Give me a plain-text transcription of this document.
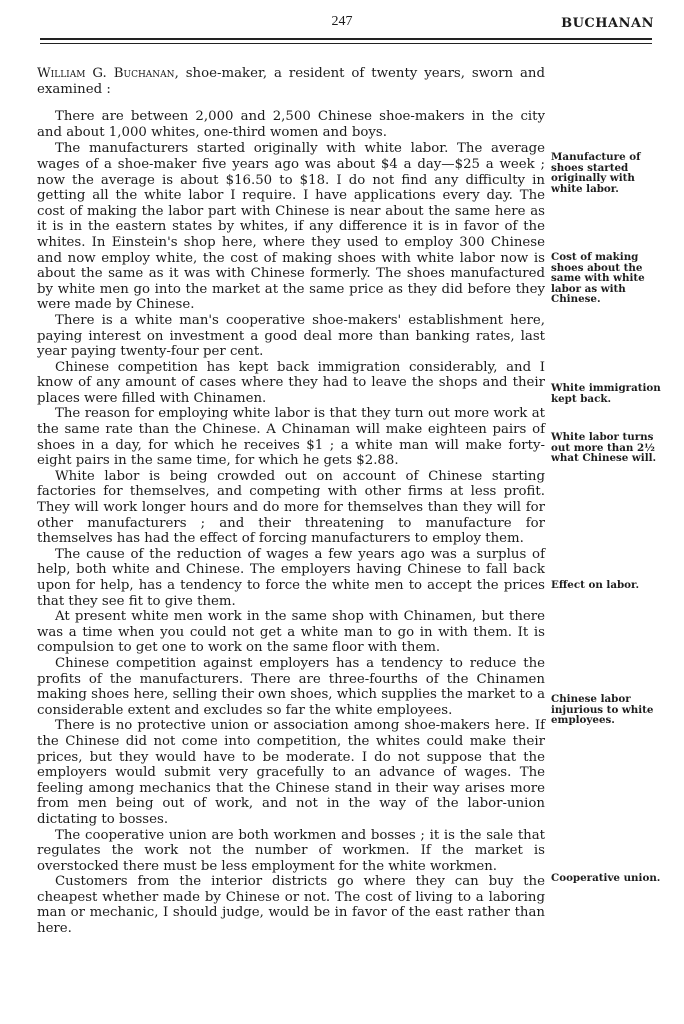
247	BUCHANAN

William G. Buchanan, shoe-maker, a resident of twenty years, sworn and examined :

There are between 2,000 and 2,500 Chinese shoe-makers in the city and about 1,000 whites, one-third women and boys.

The manufacturers started originally with white labor. The average wages of a shoe-maker five years ago was about $4 a day—$25 a week ; now the average is about $16.50 to $18. I do not find any difficulty in getting all the white labor I require. I have applications every day. The cost of making the labor part with Chinese is near about the same here as it is in the eastern states by whites, if any difference it is in favor of the whites. In Einstein's shop here, where they used to employ 300 Chinese and now employ white, the cost of making shoes with white labor now is about the same as it was with Chinese formerly. The shoes manufactured by white men go into the market at the same price as they did before they were made by Chinese.

There is a white man's cooperative shoe-makers' establishment here, paying interest on investment a good deal more than banking rates, last year paying twenty-four per cent.

Chinese competition has kept back immigration considerably, and I know of any amount of cases where they had to leave the shops and their places were filled with Chinamen.

The reason for employing white labor is that they turn out more work at the same rate than the Chinese. A Chinaman will make eighteen pairs of shoes in a day, for which he receives $1 ; a white man will make forty-eight pairs in the same time, for which he gets $2.88.

White labor is being crowded out on account of Chinese starting factories for themselves, and competing with other firms at less profit. They will work longer hours and do more for themselves than they will for other manufacturers ; and their threatening to manufacture for themselves has had the effect of forcing manufacturers to employ them.

The cause of the reduction of wages a few years ago was a surplus of help, both white and Chinese. The employers having Chinese to fall back upon for help, has a tendency to force the white men to accept the prices that they see fit to give them.

At present white men work in the same shop with Chinamen, but there was a time when you could not get a white man to go in with them. It is compulsion to get one to work on the same floor with them.

Chinese competition against employers has a tendency to reduce the profits of the manufacturers. There are three-fourths of the Chinamen making shoes here, selling their own shoes, which supplies the market to a considerable extent and excludes so far the white employees.

There is no protective union or association among shoe-makers here. If the Chinese did not come into competition, the whites could make their prices, but they would have to be moderate. I do not suppose that the employers would submit very gracefully to an advance of wages. The feeling among mechanics that the Chinese stand in their way arises more from men being out of work, and not in the way of the labor-union dictating to bosses.

The cooperative union are both workmen and bosses ; it is the sale that regulates the work not the number of workmen. If the market is overstocked there must be less employment for the white workmen.

Customers from the interior districts go where they can buy the cheapest whether made by Chinese or not. The cost of living to a laboring man or mechanic, I should judge, would be in favor of the east rather than here.

Manufacture of shoes started originally with white labor.
Cost of making shoes about the same with white labor as with Chinese.
White immigration kept back.
White labor turns out more than 2½ what Chinese will.
Effect on labor.
Chinese labor injurious to white employees.
Cooperative union.
